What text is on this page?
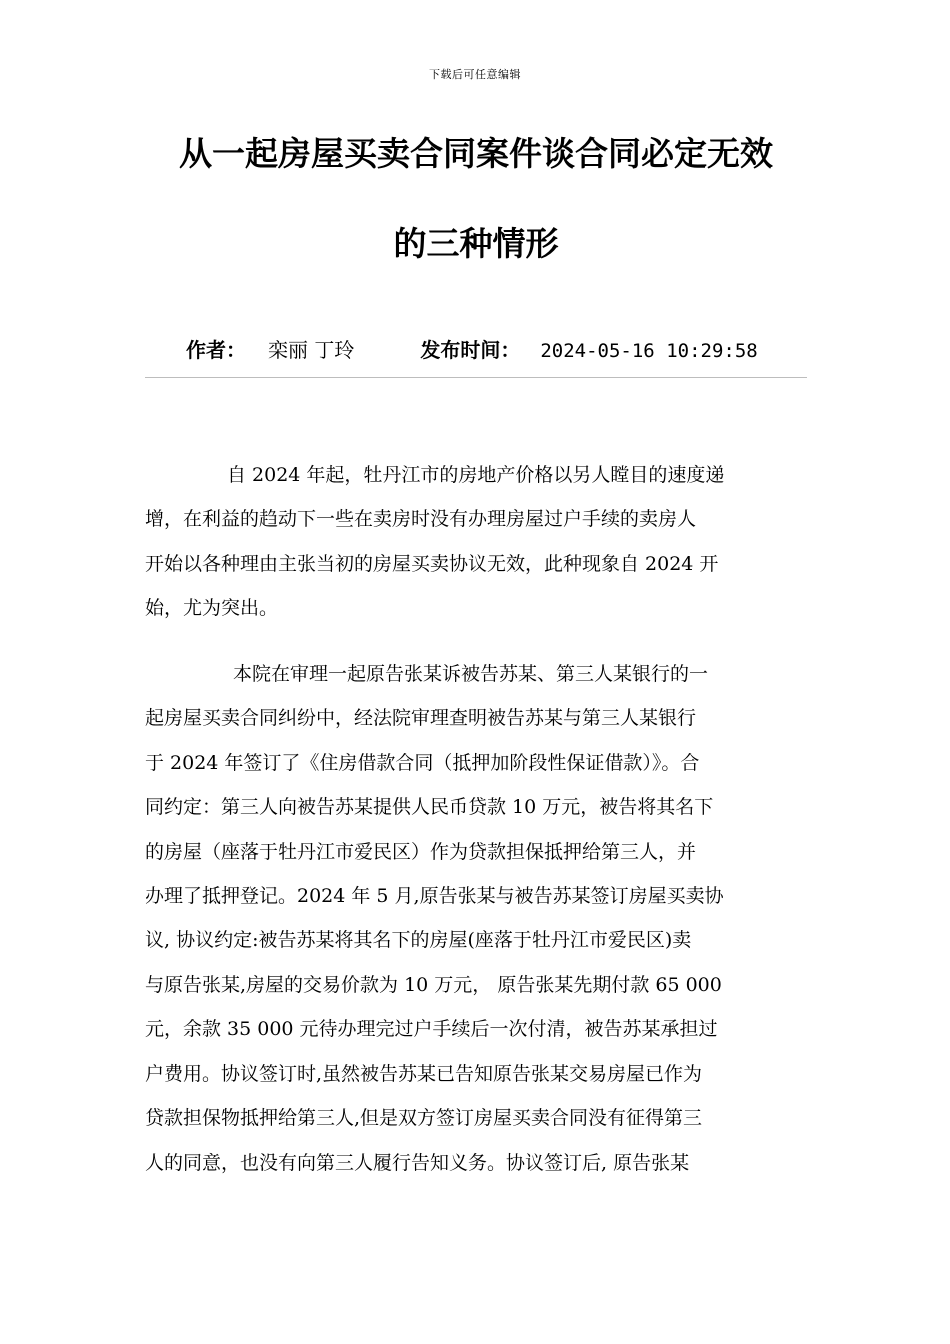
下载后可任意编辑
从一起房屋买卖合同案件谈合同必定无效
的三种情形
作者： 栾丽 丁玲	发布时间： 2024-05-16 10:29:58
自 2024 年起，牡丹江市的房地产价格以另人瞠目的速度递
增，在利益的趋动下一些在卖房时没有办理房屋过户手续的卖房人
开始以各种理由主张当初的房屋买卖协议无效，此种现象自 2024 开
始，尤为突出。
本院在审理一起原告张某诉被告苏某、第三人某银行的一
起房屋买卖合同纠纷中，经法院审理查明被告苏某与第三人某银行
于 2024 年签订了《住房借款合同（抵押加阶段性保证借款）》。合
同约定：第三人向被告苏某提供人民币贷款 10 万元，被告将其名下
的房屋（座落于牡丹江市爱民区）作为贷款担保抵押给第三人，并
办理了抵押登记。2024 年 5 月,原告张某与被告苏某签订房屋买卖协
议, 协议约定:被告苏某将其名下的房屋(座落于牡丹江市爱民区)卖
与原告张某,房屋的交易价款为 10 万元， 原告张某先期付款 65 000
元，余款 35 000 元待办理完过户手续后一次付清，被告苏某承担过
户费用。协议签订时,虽然被告苏某已告知原告张某交易房屋已作为
贷款担保物抵押给第三人,但是双方签订房屋买卖合同没有征得第三
人的同意，也没有向第三人履行告知义务。协议签订后, 原告张某
